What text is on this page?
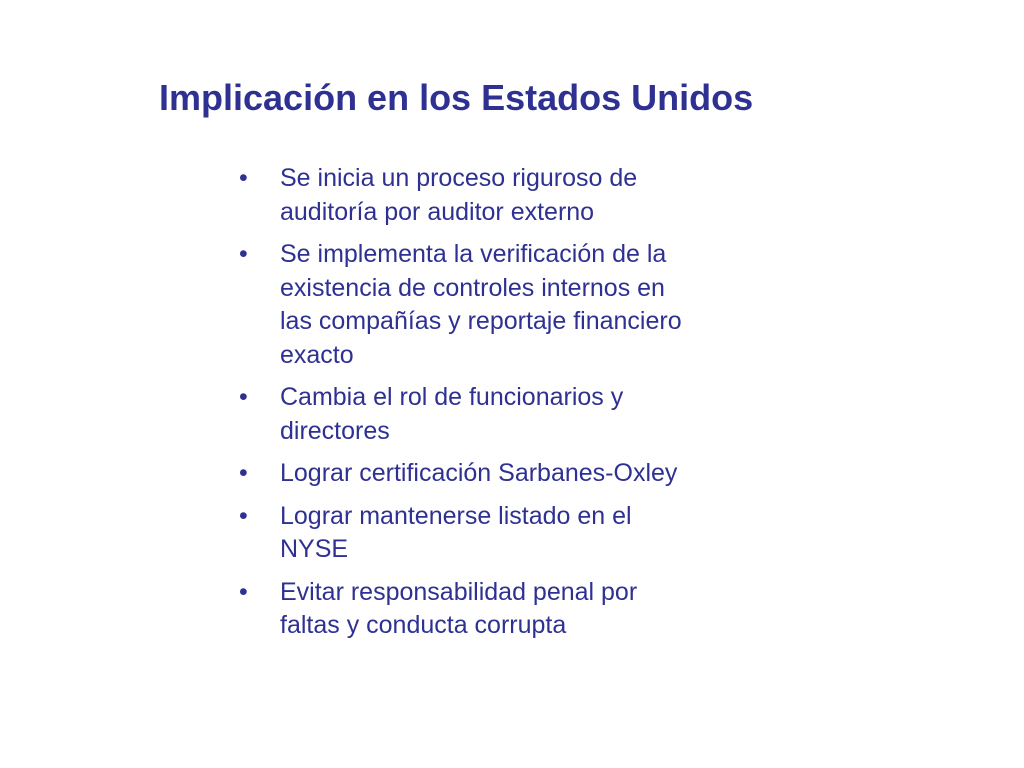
Implicación en los Estados Unidos
• Se inicia un proceso riguroso de
auditoría por auditor externo
• Se implementa la verificación de la
existencia de controles internos en
las compañías y reportaje financiero
exacto
• Cambia el rol de funcionarios y
directores
• Lograr certificación Sarbanes-Oxley
• Lograr mantenerse listado en el
NYSE
• Evitar responsabilidad penal por
faltas y conducta corrupta
